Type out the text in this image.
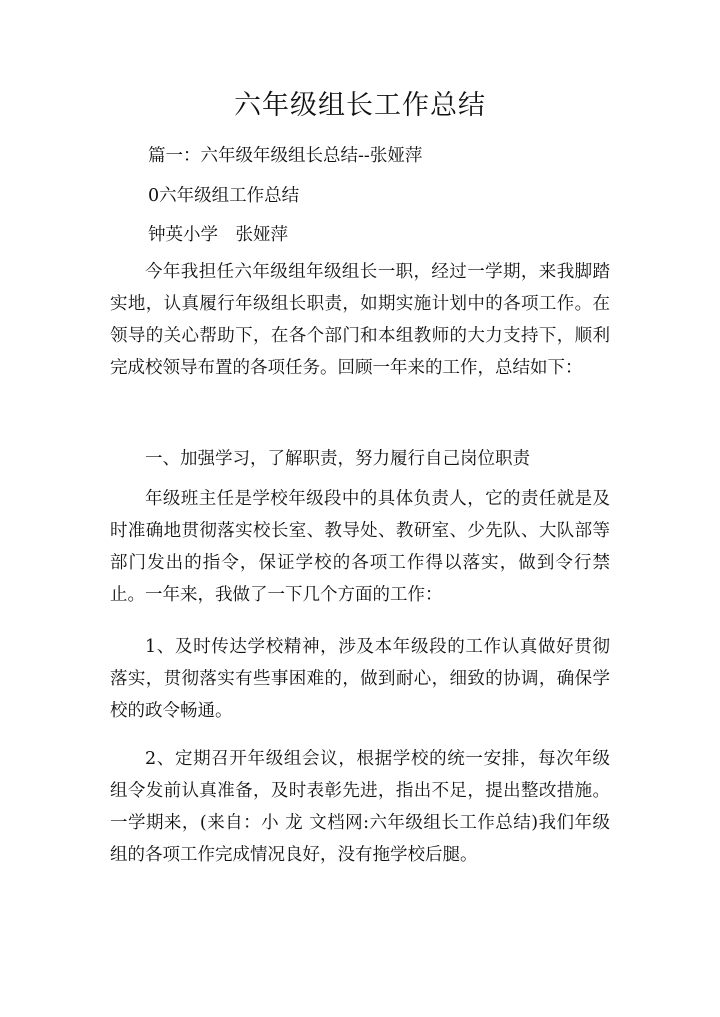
六年级组长工作总结
篇一：六年级年级组长总结--张娅萍
0六年级组工作总结
钟英小学　张娅萍
今年我担任六年级组年级组长一职，经过一学期，来我脚踏实地，认真履行年级组长职责，如期实施计划中的各项工作。在领导的关心帮助下，在各个部门和本组教师的大力支持下，顺利完成校领导布置的各项任务。回顾一年来的工作，总结如下：
一、加强学习，了解职责，努力履行自己岗位职责
年级班主任是学校年级段中的具体负责人，它的责任就是及时准确地贯彻落实校长室、教导处、教研室、少先队、大队部等部门发出的指令，保证学校的各项工作得以落实，做到令行禁止。一年来，我做了一下几个方面的工作：
1、及时传达学校精神，涉及本年级段的工作认真做好贯彻落实，贯彻落实有些事困难的，做到耐心，细致的协调，确保学校的政令畅通。
2、定期召开年级组会议，根据学校的统一安排，每次年级组令发前认真准备，及时表彰先进，指出不足，提出整改措施。一学期来，(来自：小 龙 文档网:六年级组长工作总结)我们年级组的各项工作完成情况良好，没有拖学校后腿。
